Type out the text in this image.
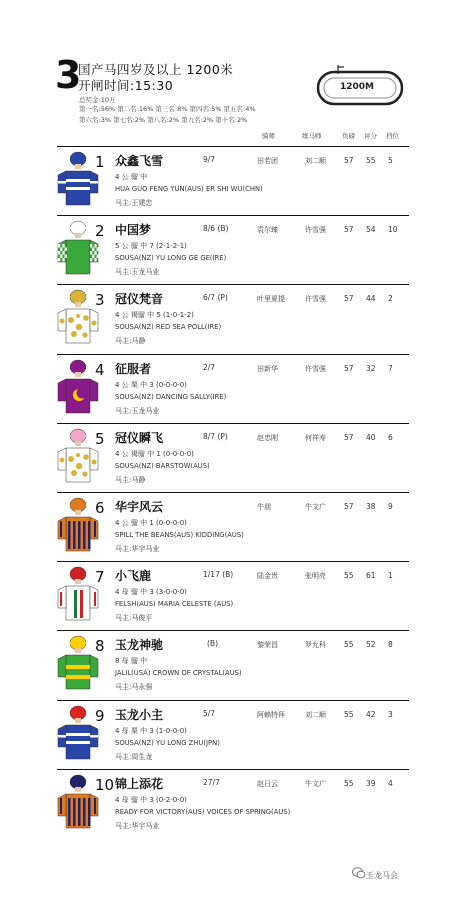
3
国产马四岁及以上 1200米
开闸时间:15:30
总奖金:10万
第一名:56% 第二名:16% 第三名:8% 第四名:5% 第五名:4%
第六名:3% 第七名:2% 第八名:2% 第九名:2% 第十名:2%
1200M
骑师	练马师	负磅 评分 档位
1 众鑫飞雪	9/7	田若团	刘二顺 57 55 5
4 公 骝 中
HUA GUO FENG YUN(AUS) ER SHI WU(CHN)
马主:王建忠
2 中国梦	8/6 (B)	袁尔臻	许雪强 57 54 10
5 公 骝 中 7 (2-1-2-1)
SOUSA(NZ) YU LONG GE GE(IRE)
马主:玉龙马业
3 冠仪梵音	6/7 (P)	叶里夏提	许雪强 57 44 2
4 公 褐骝 中 5 (1-0-1-2)
SOUSA(NZ) RED SEA POLL(IRE)
马主:马静
4 征服者	2/7	田新华	许雪强 57 32 7
4 公 栗 中 3 (0-0-0-0)
SOUSA(NZ) DANCING SALLY(IRE)
马主:玉龙马业
5 冠仪瞬飞	8/7 (P)	赵忠刚	何祥寿 57 40 6
4 公 褐骝 中 1 (0-0-0-0)
SOUSA(NZ) BARSTOW(AUS)
马主:马静
6 华宇风云	牛朋	牛文广 57 38 9
4 公 骝 中 1 (0-0-0-0)
SPILL THE BEANS(AUS) KIDDING(AUS)
马主:华宇马业
7 小飞鹿	1/17 (B)	陆金贵	张明亮 55 61 1
4 母 骝 中 3 (3-0-0-0)
FELSH(AUS) MARIA CELESTE (AUS)
马主:马俊平
8 玉龙神驰	(B)	黎荣昌	罗允科 55 52 8
8 母 骝 中
JALIL(USA) CROWN OF CRYSTAL(AUS)
马主:马永强
9 玉龙小主	5/7	阿赖特拜	刘二顺 55 42 3
4 母 栗 中 3 (1-0-0-0)
SOUSA(NZ) YU LONG ZHU(JPN)
马主:周生龙
10 锦上添花	27/7	赵日云	牛文广 55 39 4
4 母 骝 中 3 (0-2-0-0)
READY FOR VICTORY(AUS) VOICES OF SPRING(AUS)
马主:华宇马业
玉龙马会
